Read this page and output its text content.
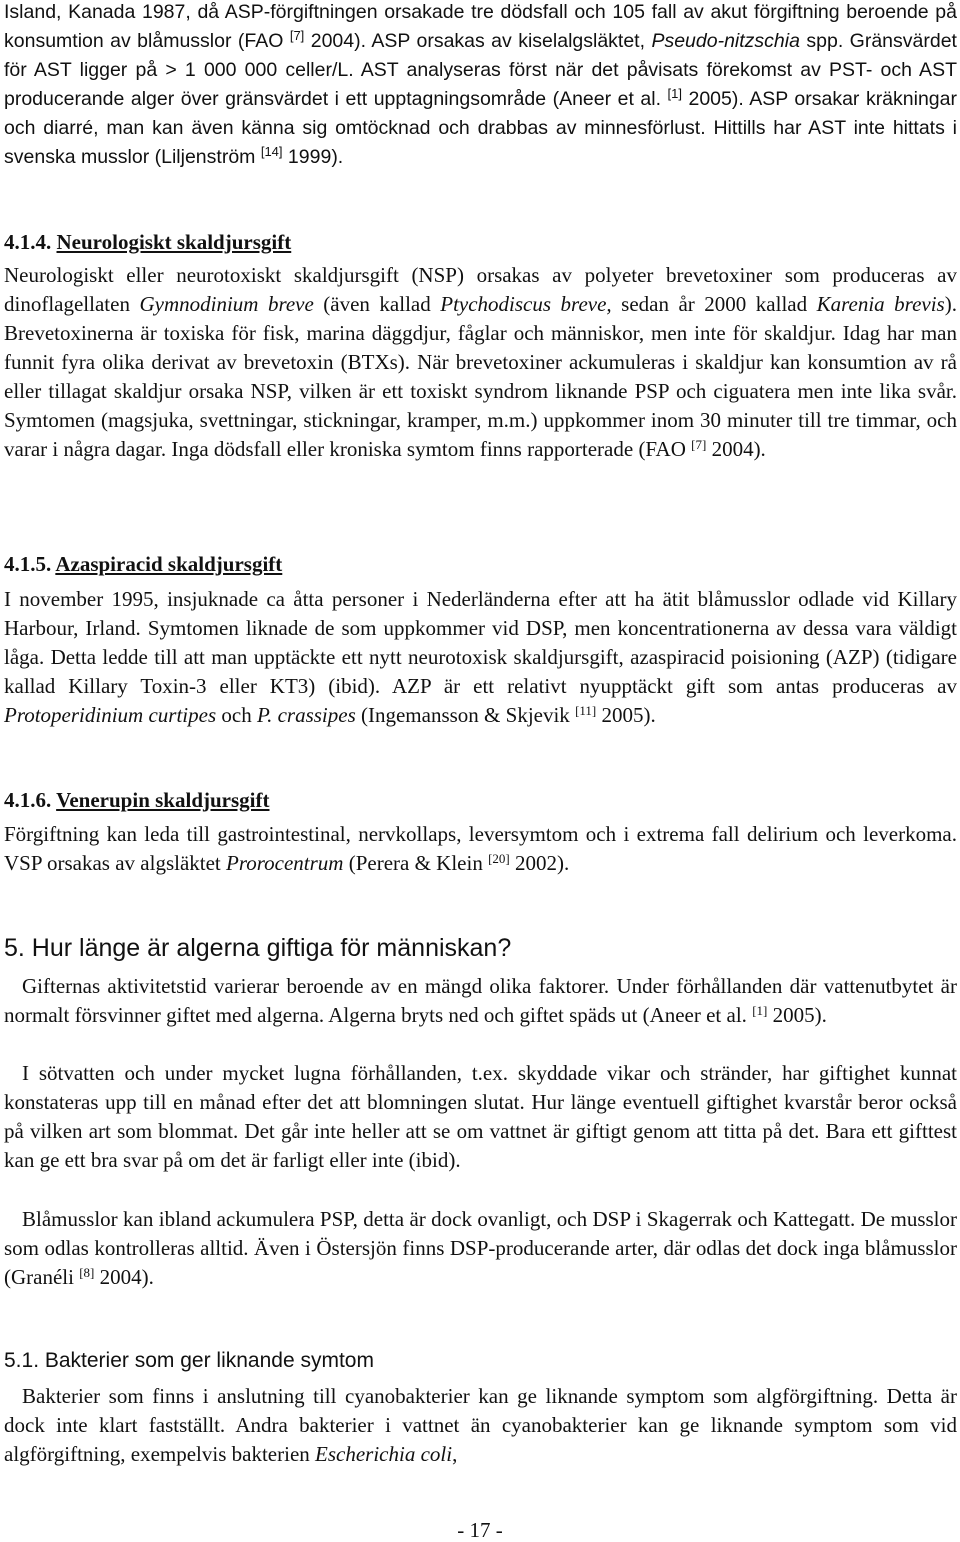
Island, Kanada 1987, då ASP-förgiftningen orsakade tre dödsfall och 105 fall av akut förgiftning beroende på konsumtion av blåmusslor (FAO [7] 2004). ASP orsakas av kiselalgsläktet, Pseudo-nitzschia spp. Gränsvärdet för AST ligger på > 1 000 000 celler/L. AST analyseras först när det påvisats förekomst av PST- och AST producerande alger över gränsvärdet i ett upptagningsområde (Aneer et al. [1] 2005). ASP orsakar kräkningar och diarré, man kan även känna sig omtöcknad och drabbas av minnesförlust. Hittills har AST inte hittats i svenska musslor (Liljenström [14] 1999).

4.1.4. Neurologiskt skaldjursgift

Neurologiskt eller neurotoxiskt skaldjursgift (NSP) orsakas av polyeter brevetoxiner som produceras av dinoflagellaten Gymnodinium breve (även kallad Ptychodiscus breve, sedan år 2000 kallad Karenia brevis). Brevetoxinerna är toxiska för fisk, marina däggdjur, fåglar och människor, men inte för skaldjur. Idag har man funnit fyra olika derivat av brevetoxin (BTXs). När brevetoxiner ackumuleras i skaldjur kan konsumtion av rå eller tillagat skaldjur orsaka NSP, vilken är ett toxiskt syndrom liknande PSP och ciguatera men inte lika svår. Symtomen (magsjuka, svettningar, stickningar, kramper, m.m.) uppkommer inom 30 minuter till tre timmar, och varar i några dagar. Inga dödsfall eller kroniska symtom finns rapporterade (FAO [7] 2004).

4.1.5. Azaspiracid skaldjursgift

I november 1995, insjuknade ca åtta personer i Nederländerna efter att ha ätit blåmusslor odlade vid Killary Harbour, Irland. Symtomen liknade de som uppkommer vid DSP, men koncentrationerna av dessa vara väldigt låga. Detta ledde till att man upptäckte ett nytt neurotoxisk skaldjursgift, azaspiracid poisioning (AZP) (tidigare kallad Killary Toxin-3 eller KT3) (ibid). AZP är ett relativt nyupptäckt gift som antas produceras av Protoperidinium curtipes och P. crassipes (Ingemansson & Skjevik [11] 2005).

4.1.6. Venerupin skaldjursgift

Förgiftning kan leda till gastrointestinal, nervkollaps, leversymtom och i extrema fall delirium och leverkoma. VSP orsakas av algsläktet Prorocentrum (Perera & Klein [20] 2002).

5. Hur länge är algerna giftiga för människan?

Gifternas aktivitetstid varierar beroende av en mängd olika faktorer. Under förhållanden där vattenutbytet är normalt försvinner giftet med algerna. Algerna bryts ned och giftet späds ut (Aneer et al. [1] 2005).

I sötvatten och under mycket lugna förhållanden, t.ex. skyddade vikar och stränder, har giftighet kunnat konstateras upp till en månad efter det att blomningen slutat. Hur länge eventuell giftighet kvarstår beror också på vilken art som blommat. Det går inte heller att se om vattnet är giftigt genom att titta på det. Bara ett gifttest kan ge ett bra svar på om det är farligt eller inte (ibid).

Blåmusslor kan ibland ackumulera PSP, detta är dock ovanligt, och DSP i Skagerrak och Kattegatt. De musslor som odlas kontrolleras alltid. Även i Östersjön finns DSP-producerande arter, där odlas det dock inga blåmusslor (Granéli [8] 2004).

5.1. Bakterier som ger liknande symtom

Bakterier som finns i anslutning till cyanobakterier kan ge liknande symptom som algförgiftning. Detta är dock inte klart fastställt. Andra bakterier i vattnet än cyanobakterier kan ge liknande symptom som vid algförgiftning, exempelvis bakterien Escherichia coli,

- 17 -
